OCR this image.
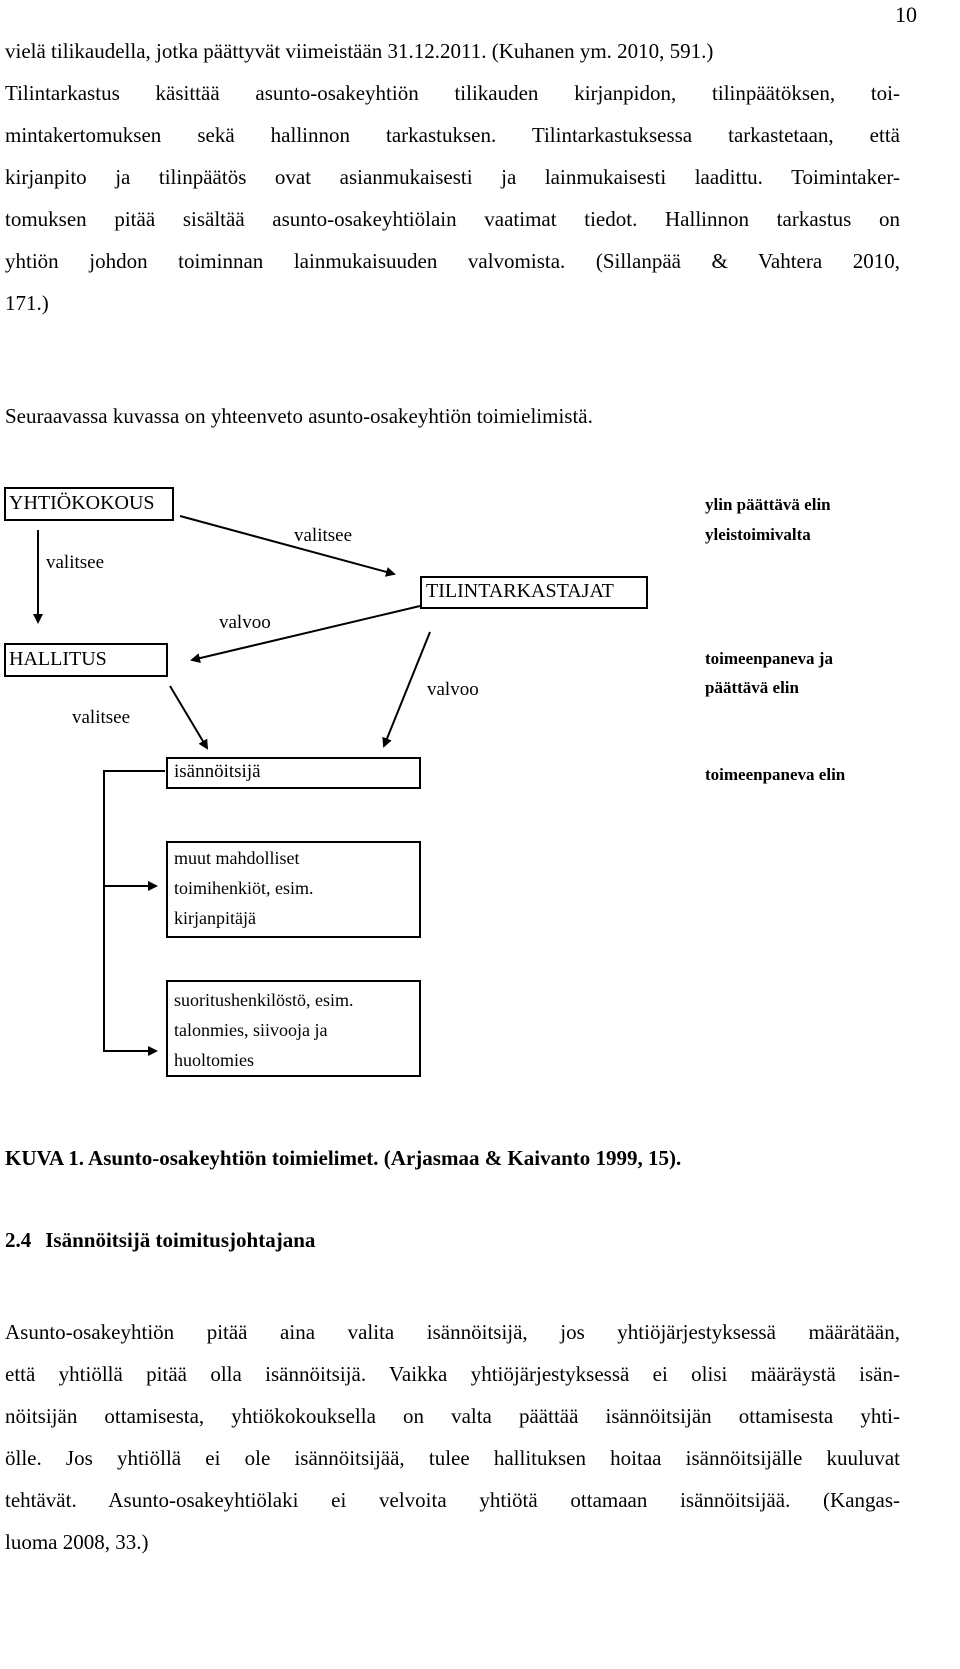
10
vielä tilikaudella, jotka päättyvät viimeistään 31.12.2011. (Kuhanen ym. 2010, 591.)
Tilintarkastus käsittää asunto-osakeyhtiön tilikauden kirjanpidon, tilinpäätöksen, toi-
mintakertomuksen sekä hallinnon tarkastuksen. Tilintarkastuksessa tarkastetaan, että
kirjanpito ja tilinpäätös ovat asianmukaisesti ja lainmukaisesti laadittu. Toimintaker-
tomuksen pitää sisältää asunto-osakeyhtiölain vaatimat tiedot. Hallinnon tarkastus on
yhtiön johdon toiminnan lainmukaisuuden valvomista. (Sillanpää & Vahtera 2010,
171.)
Seuraavassa kuvassa on yhteenveto asunto-osakeyhtiön toimielimistä.
YHTIÖKOKOUS
HALLITUS
TILINTARKASTAJAT
isännöitsijä
muut mahdolliset
toimihenkiöt, esim.
kirjanpitäjä
suoritushenkilöstö, esim.
talonmies, siivooja ja
huoltomies
valitsee
valitsee
valvoo
valitsee
valvoo
ylin päättävä elin
yleistoimivalta
toimeenpaneva ja
päättävä elin
toimeenpaneva elin
KUVA 1. Asunto-osakeyhtiön toimielimet. (Arjasmaa & Kaivanto 1999, 15).
2.4 Isännöitsijä toimitusjohtajana
Asunto-osakeyhtiön pitää aina valita isännöitsijä, jos yhtiöjärjestyksessä määrätään,
että yhtiöllä pitää olla isännöitsijä. Vaikka yhtiöjärjestyksessä ei olisi määräystä isän-
nöitsijän ottamisesta, yhtiökokouksella on valta päättää isännöitsijän ottamisesta yhti-
ölle. Jos yhtiöllä ei ole isännöitsijää, tulee hallituksen hoitaa isännöitsijälle kuuluvat
tehtävät. Asunto-osakeyhtiölaki ei velvoita yhtiötä ottamaan isännöitsijää. (Kangas-
luoma 2008, 33.)
